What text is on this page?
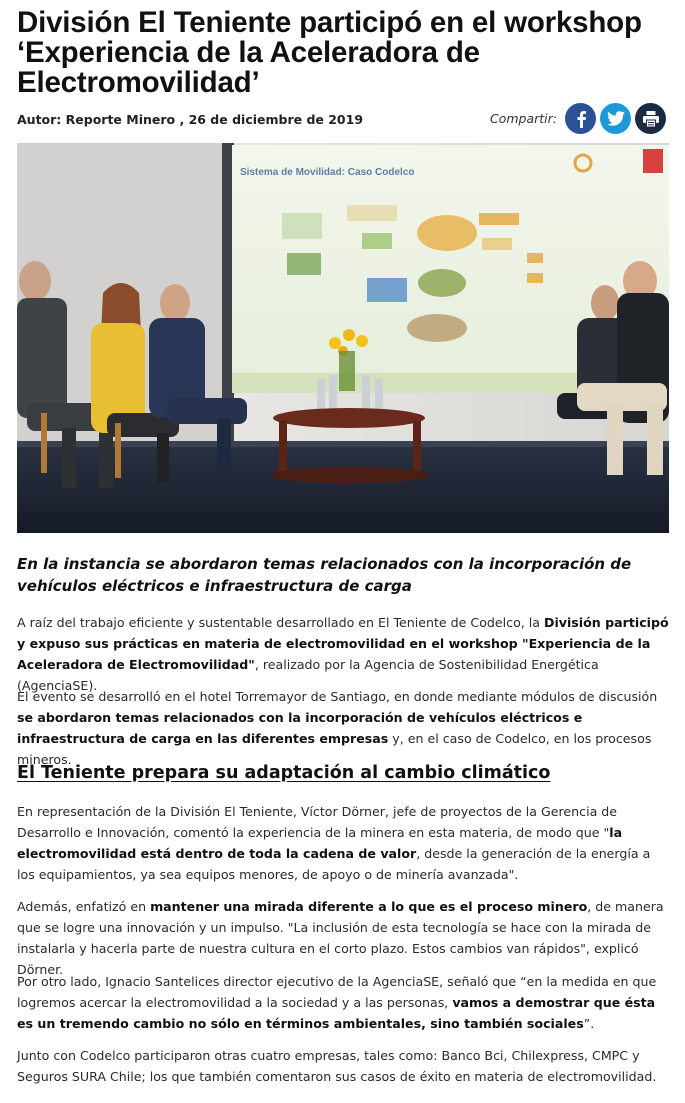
División El Teniente participó en el workshop ‘Experiencia de la Aceleradora de Electromovilidad’
Autor: Reporte Minero , 26 de diciembre de 2019	Compartir:
Sistema de Movilidad: Caso Codelco

En la instancia se abordaron temas relacionados con la incorporación de vehículos eléctricos e infraestructura de carga

A raíz del trabajo eficiente y sustentable desarrollado en El Teniente de Codelco, la División participó y expuso sus prácticas en materia de electromovilidad en el workshop "Experiencia de la Aceleradora de Electromovilidad", realizado por la Agencia de Sostenibilidad Energética (AgenciaSE).

El evento se desarrolló en el hotel Torremayor de Santiago, en donde mediante módulos de discusión se abordaron temas relacionados con la incorporación de vehículos eléctricos e infraestructura de carga en las diferentes empresas y, en el caso de Codelco, en los procesos mineros.

El Teniente prepara su adaptación al cambio climático

En representación de la División El Teniente, Víctor Dörner, jefe de proyectos de la Gerencia de Desarrollo e Innovación, comentó la experiencia de la minera en esta materia, de modo que "la electromovilidad está dentro de toda la cadena de valor, desde la generación de la energía a los equipamientos, ya sea equipos menores, de apoyo o de minería avanzada".

Además, enfatizó en mantener una mirada diferente a lo que es el proceso minero, de manera que se logre una innovación y un impulso. "La inclusión de esta tecnología se hace con la mirada de instalarla y hacerla parte de nuestra cultura en el corto plazo. Estos cambios van rápidos", explicó Dörner.

Por otro lado, Ignacio Santelices director ejecutivo de la AgenciaSE, señaló que “en la medida en que logremos acercar la electromovilidad a la sociedad y a las personas, vamos a demostrar que ésta es un tremendo cambio no sólo en términos ambientales, sino también sociales”.

Junto con Codelco participaron otras cuatro empresas, tales como: Banco Bci, Chilexpress, CMPC y Seguros SURA Chile; los que también comentaron sus casos de éxito en materia de electromovilidad.
